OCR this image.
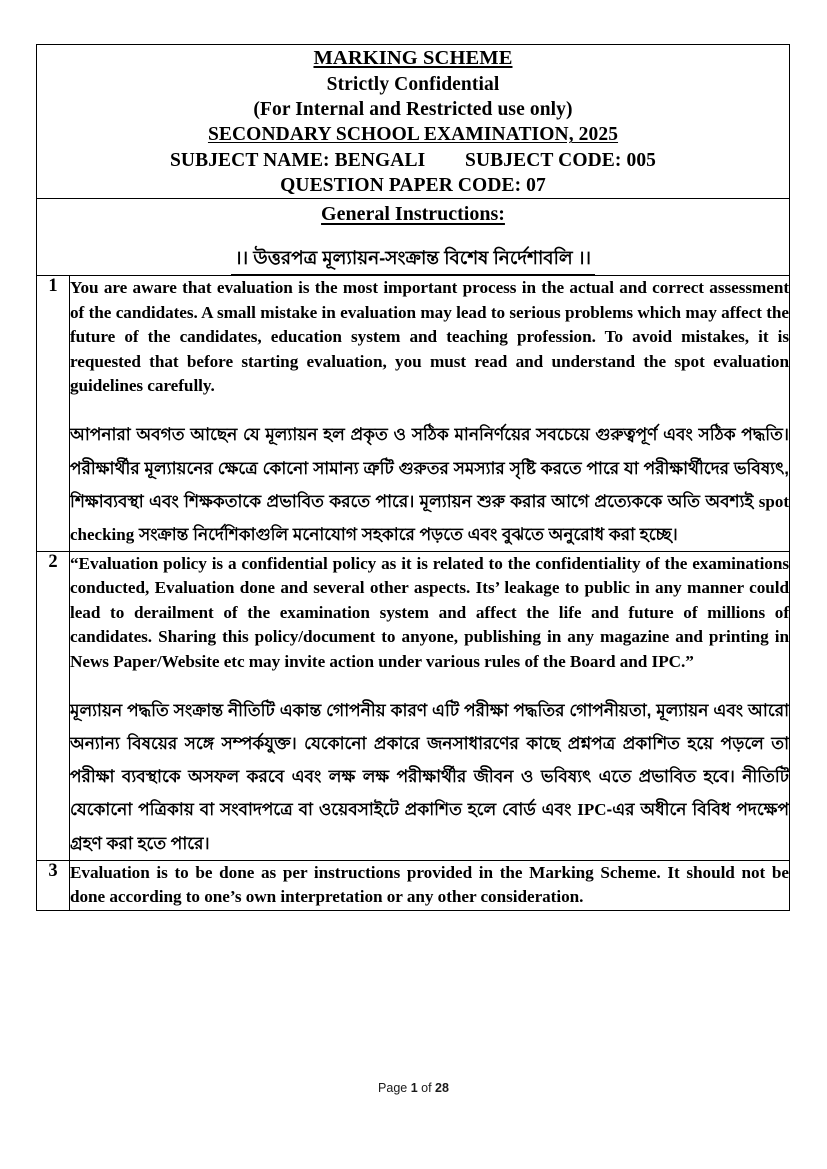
MARKING SCHEME
Strictly Confidential
(For Internal and Restricted use only)
SECONDARY SCHOOL EXAMINATION, 2025
SUBJECT NAME: BENGALI        SUBJECT CODE: 005
QUESTION PAPER CODE: 07

General Instructions:
।। উত্তরপত্র মূল্যায়ন-সংক্রান্ত বিশেষ নির্দেশাবলি ।।	

1	You are aware that evaluation is the most important process in the actual and correct assessment of the candidates. A small mistake in evaluation may lead to serious problems which may affect the future of the candidates, education system and teaching profession. To avoid mistakes, it is requested that before starting evaluation, you must read and understand the spot evaluation guidelines carefully.

আপনারা অবগত আছেন যে মূল্যায়ন হল প্রকৃত ও সঠিক মাননির্ণয়ের সবচেয়ে গুরুত্বপূর্ণ এবং সঠিক পদ্ধতি। পরীক্ষার্থীর মূল্যায়নের ক্ষেত্রে কোনো সামান্য ত্রুটি গুরুতর সমস্যার সৃষ্টি করতে পারে যা পরীক্ষার্থীদের ভবিষ্যৎ, শিক্ষাব্যবস্থা এবং শিক্ষকতাকে প্রভাবিত করতে পারে। মূল্যায়ন শুরু করার আগে প্রত্যেককে অতি অবশ্যই spot checking সংক্রান্ত নির্দেশিকাগুলি মনোযোগ সহকারে পড়তে এবং বুঝতে অনুরোধ করা হচ্ছে।

2	“Evaluation policy is a confidential policy as it is related to the confidentiality of the examinations conducted, Evaluation done and several other aspects. Its’ leakage to public in any manner could lead to derailment of the examination system and affect the life and future of millions of candidates. Sharing this policy/document to anyone, publishing in any magazine and printing in News Paper/Website etc may invite action under various rules of the Board and IPC.”

মূল্যায়ন পদ্ধতি সংক্রান্ত নীতিটি একান্ত গোপনীয় কারণ এটি পরীক্ষা পদ্ধতির গোপনীয়তা, মূল্যায়ন এবং আরো অন্যান্য বিষয়ের সঙ্গে সম্পর্কযুক্ত। যেকোনো প্রকারে জনসাধারণের কাছে প্রশ্নপত্র প্রকাশিত হয়ে পড়লে তা পরীক্ষা ব্যবস্থাকে অসফল করবে এবং লক্ষ লক্ষ পরীক্ষার্থীর জীবন ও ভবিষ্যৎ এতে প্রভাবিত হবে। নীতিটি যেকোনো পত্রিকায় বা সংবাদপত্রে বা ওয়েবসাইটে প্রকাশিত হলে বোর্ড এবং IPC-এর অধীনে বিবিধ পদক্ষেপ গ্রহণ করা হতে পারে।

3	Evaluation is to be done as per instructions provided in the Marking Scheme. It should not be done according to one’s own interpretation or any other consideration.

Page 1 of 28
